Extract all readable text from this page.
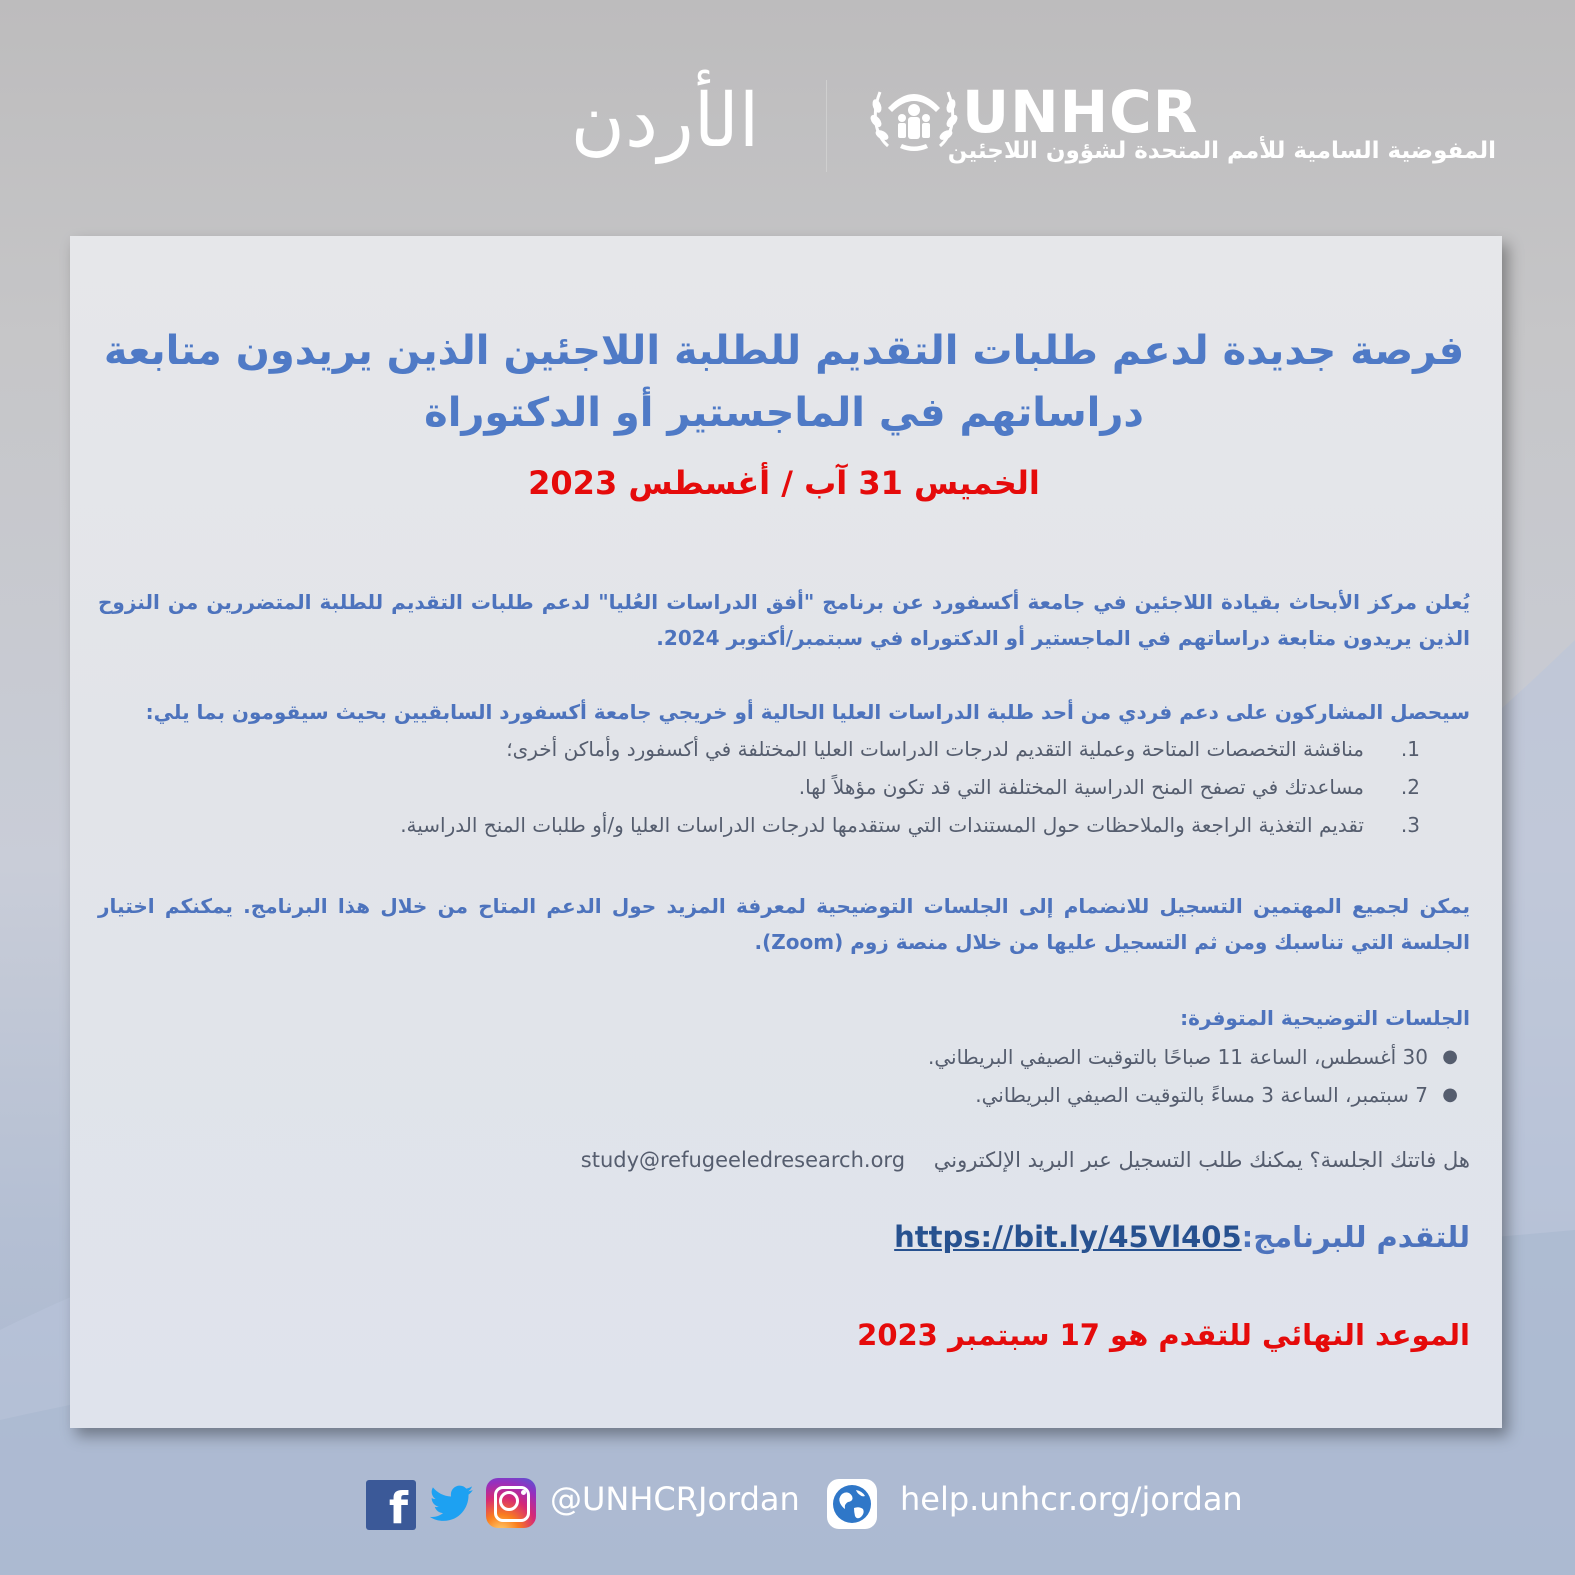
الأردن	UNHCR
المفوضية السامية للأمم المتحدة لشؤون اللاجئين
فرصة جديدة لدعم طلبات التقديم للطلبة اللاجئين الذين يريدون متابعة
دراساتهم في الماجستير أو الدكتوراة
الخميس 31 آب / أغسطس 2023

يُعلن مركز الأبحاث بقيادة اللاجئين في جامعة أكسفورد عن برنامج "أفق الدراسات العُليا" لدعم طلبات التقديم للطلبة المتضررين من النزوح الذين يريدون متابعة دراساتهم في الماجستير أو الدكتوراه في سبتمبر/أكتوبر 2024.

سيحصل المشاركون على دعم فردي من أحد طلبة الدراسات العليا الحالية أو خريجي جامعة أكسفورد السابقيين بحيث سيقومون بما يلي:

1.
مناقشة التخصصات المتاحة وعملية التقديم لدرجات الدراسات العليا المختلفة في أكسفورد وأماكن أخرى؛
2.
مساعدتك في تصفح المنح الدراسية المختلفة التي قد تكون مؤهلاً لها.
3.
تقديم التغذية الراجعة والملاحظات حول المستندات التي ستقدمها لدرجات الدراسات العليا و/أو طلبات المنح الدراسية.

يمكن لجميع المهتمين التسجيل للانضمام إلى الجلسات التوضيحية لمعرفة المزيد حول الدعم المتاح من خلال هذا البرنامج. يمكنكم اختيار الجلسة التي تناسبك ومن ثم التسجيل عليها من خلال منصة زوم (Zoom).

الجلسات التوضيحية المتوفرة:

●
30 أغسطس، الساعة 11 صباحًا بالتوقيت الصيفي البريطاني.
●
7 سبتمبر، الساعة 3 مساءً بالتوقيت الصيفي البريطاني.
هل فاتتك الجلسة؟ يمكنك طلب التسجيل عبر البريد الإلكتروني study@refugeeledresearch.org
للتقدم للبرنامج:https://bit.ly/45Vl405
الموعد النهائي للتقدم هو 17 سبتمبر 2023
f	@UNHCRJordan	help.unhcr.org/jordan
